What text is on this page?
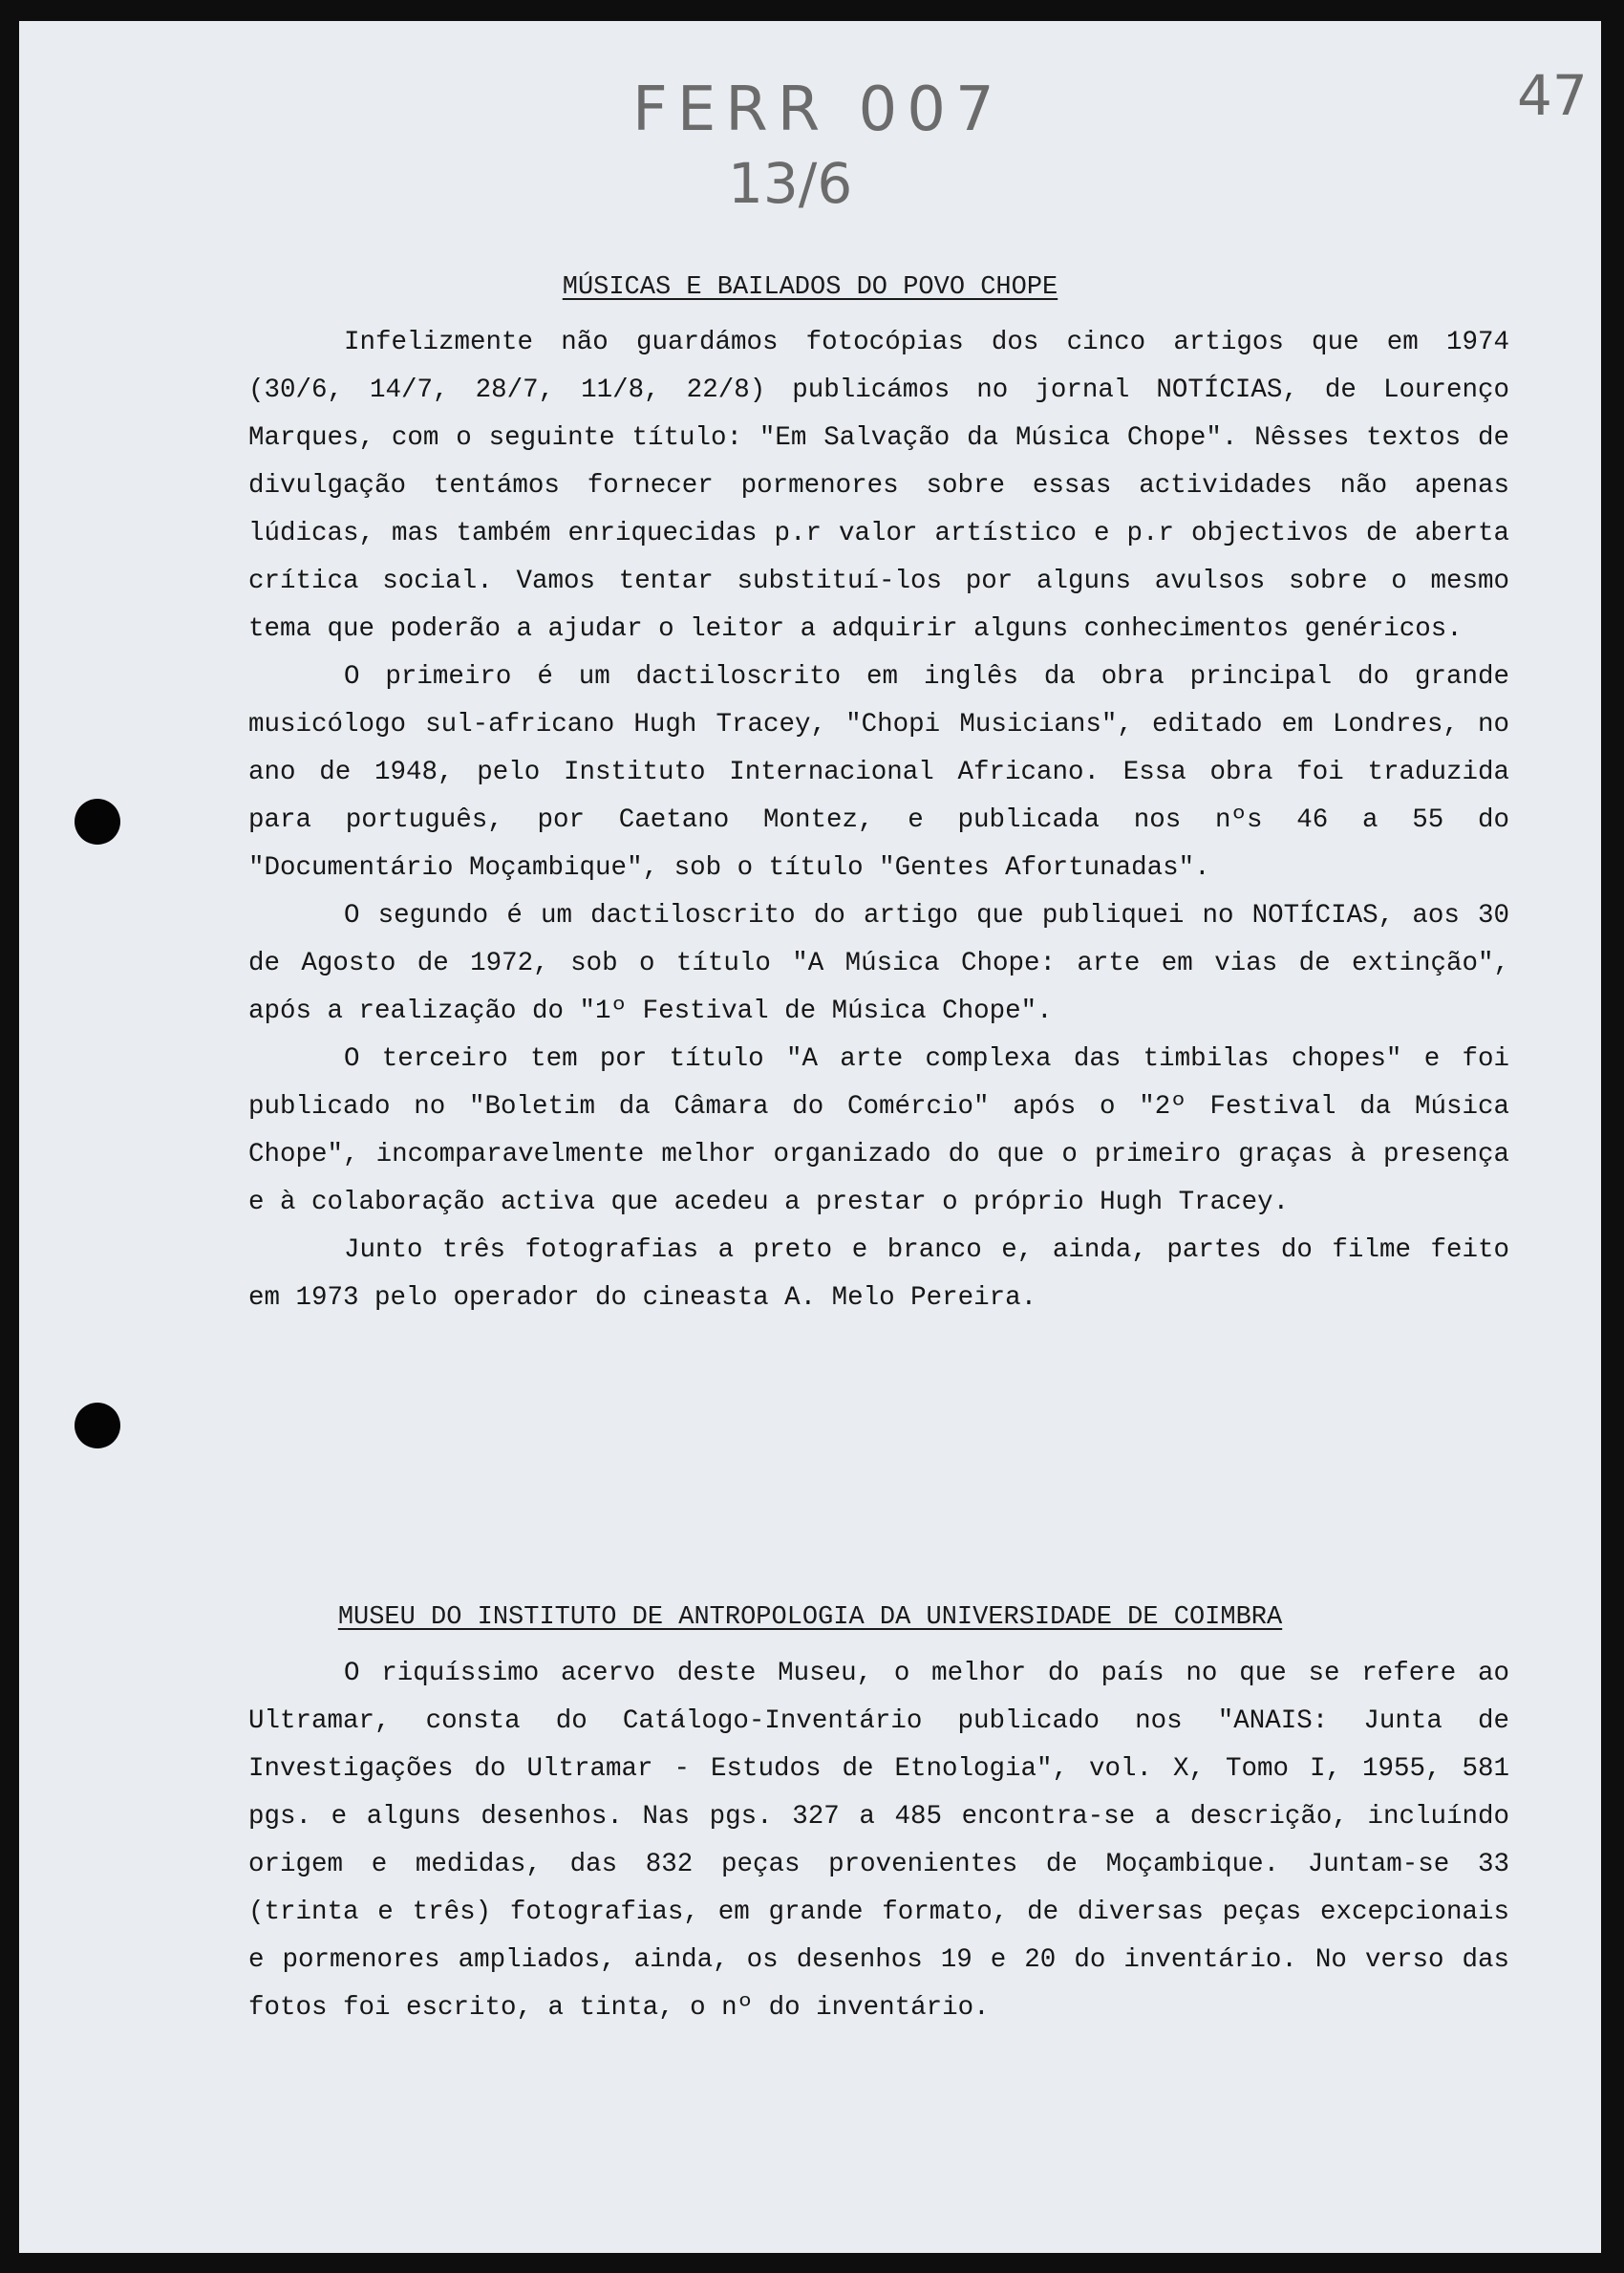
FERR 007
13/6
47
MÚSICAS E BAILADOS DO POVO CHOPE

Infelizmente não guardámos fotocópias dos cinco artigos que em 1974 (30/6, 14/7, 28/7, 11/8, 22/8) publicámos no jornal NOTÍCIAS, de Lourenço Marques, com o seguinte título: "Em Salvação da Música Chope". Nêsses textos de divulgação tentámos fornecer pormenores sobre essas actividades não apenas lúdicas, mas também enriquecidas p.r valor artístico e p.r objectivos de aberta crítica social. Vamos tentar substituí-los por alguns avulsos sobre o mesmo tema que poderão a ajudar o leitor a adquirir alguns conhecimentos genéricos.

O primeiro é um dactiloscrito em inglês da obra principal do grande musicólogo sul-africano Hugh Tracey, "Chopi Musicians", editado em Londres, no ano de 1948, pelo Instituto Internacional Africano. Essa obra foi traduzida para português, por Caetano Montez, e publicada nos nºs 46 a 55 do "Documentário Moçambique", sob o título "Gentes Afortunadas".

O segundo é um dactiloscrito do artigo que publiquei no NOTÍCIAS, aos 30 de Agosto de 1972, sob o título "A Música Chope: arte em vias de extinção", após a realização do "1º Festival de Música Chope".

O terceiro tem por título "A arte complexa das timbilas chopes" e foi publicado no "Boletim da Câmara do Comércio" após o "2º Festival da Música Chope", incomparavelmente melhor organizado do que o primeiro graças à presença e à colaboração activa que acedeu a prestar o próprio Hugh Tracey.

Junto três fotografias a preto e branco e, ainda, partes do filme feito em 1973 pelo operador do cineasta A. Melo Pereira.

MUSEU DO INSTITUTO DE ANTROPOLOGIA DA UNIVERSIDADE DE COIMBRA

O riquíssimo acervo deste Museu, o melhor do país no que se refere ao Ultramar, consta do Catálogo-Inventário publicado nos "ANAIS: Junta de Investigações do Ultramar - Estudos de Etnologia", vol. X, Tomo I, 1955, 581 pgs. e alguns desenhos. Nas pgs. 327 a 485 encontra-se a descrição, incluíndo origem e medidas, das 832 peças provenientes de Moçambique. Juntam-se 33 (trinta e três) fotografias, em grande formato, de diversas peças excepcionais e pormenores ampliados, ainda, os desenhos 19 e 20 do inventário. No verso das fotos foi escrito, a tinta, o nº do inventário.
